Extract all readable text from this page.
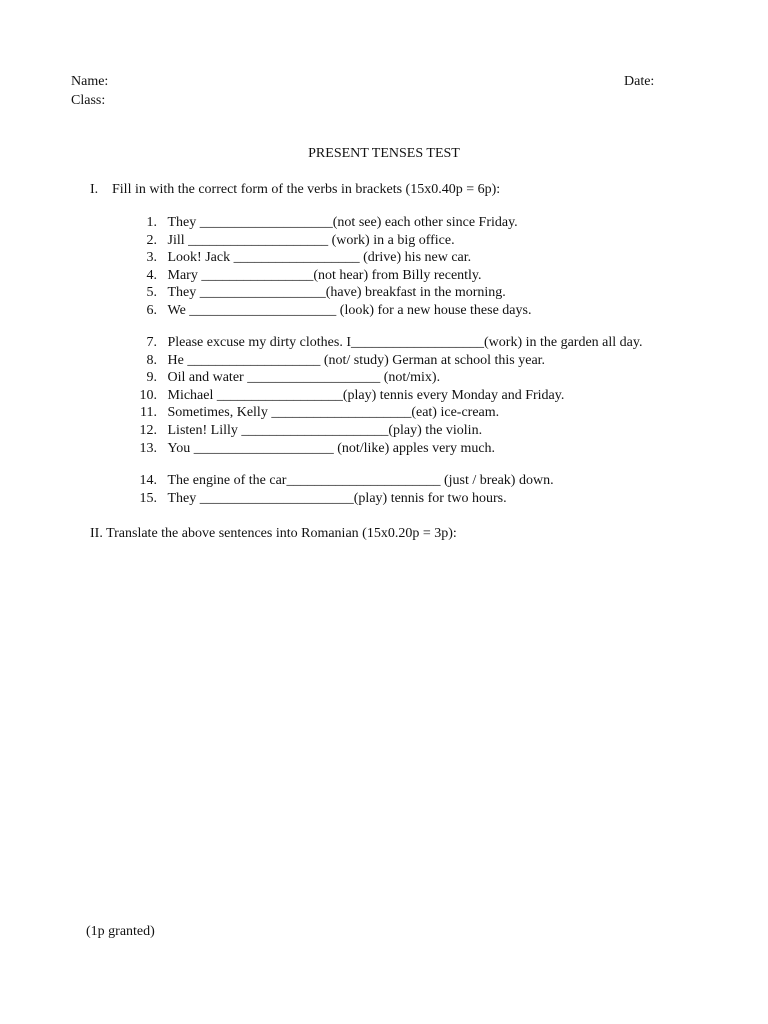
Name:
Class:
Date:
PRESENT TENSES TEST
I. Fill in with the correct form of the verbs in brackets (15x0.40p = 6p):
1. They ___________________(not see) each other since Friday.
2. Jill ____________________ (work) in a big office.
3. Look! Jack __________________ (drive) his new car.
4. Mary ________________(not hear) from Billy recently.
5. They __________________(have) breakfast in the morning.
6. We _____________________ (look) for a new house these days.
7. Please excuse my dirty clothes. I___________________(work) in the garden all day.
8. He ___________________ (not/ study) German at school this year.
9. Oil and water ___________________ (not/mix).
10. Michael __________________(play) tennis every Monday and Friday.
11. Sometimes, Kelly ____________________(eat) ice-cream.
12. Listen! Lilly _____________________(play) the violin.
13. You ____________________ (not/like) apples very much.
14. The engine of the car______________________ (just / break) down.
15. They ______________________(play) tennis for two hours.
II. Translate the above sentences into Romanian (15x0.20p = 3p):
(1p granted)
